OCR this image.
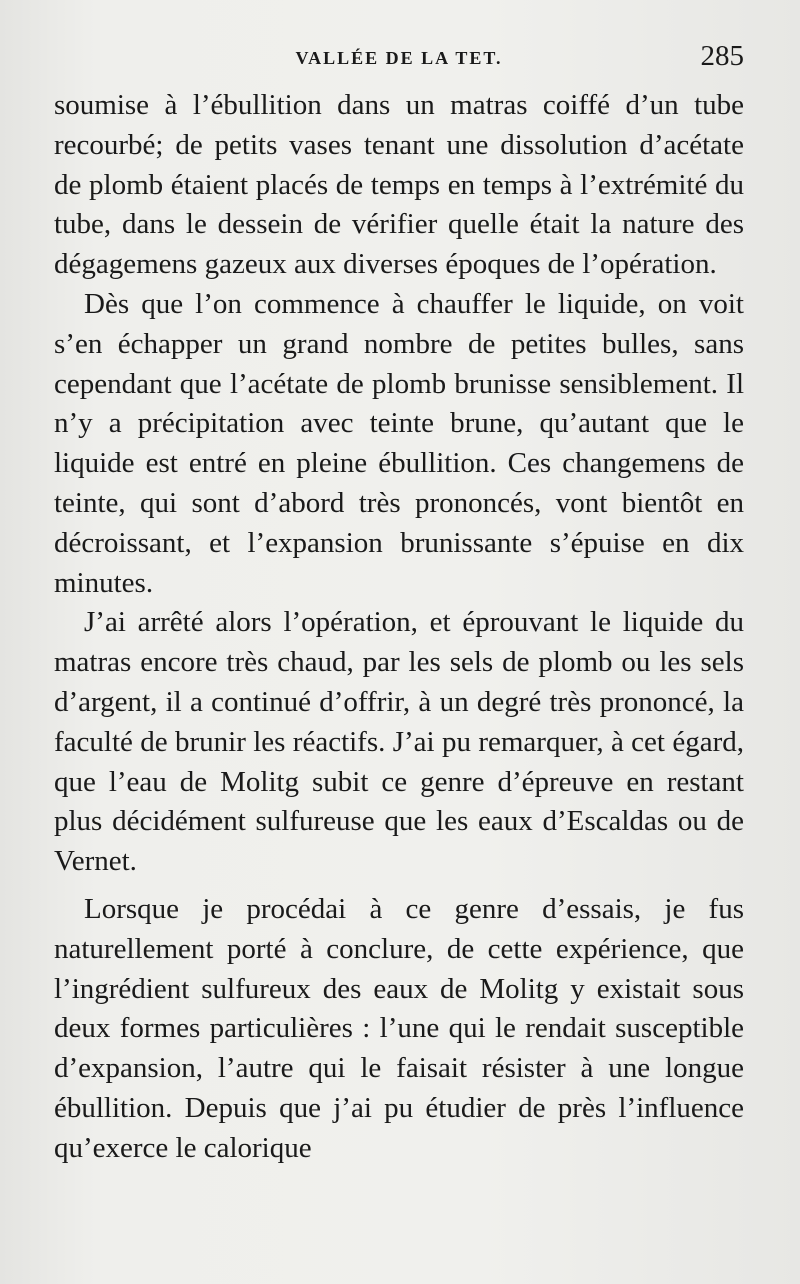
VALLÉE DE LA TET.	285

soumise à l’ébullition dans un matras coiffé d’un tube recourbé; de petits vases tenant une dissolution d’acétate de plomb étaient placés de temps en temps à l’extrémité du tube, dans le dessein de vérifier quelle était la nature des dégagemens gazeux aux diverses époques de l’opération.

Dès que l’on commence à chauffer le liquide, on voit s’en échapper un grand nombre de petites bulles, sans cependant que l’acétate de plomb brunisse sensiblement. Il n’y a précipitation avec teinte brune, qu’autant que le liquide est entré en pleine ébullition. Ces changemens de teinte, qui sont d’abord très prononcés, vont bientôt en décroissant, et l’expansion brunissante s’épuise en dix minutes.

J’ai arrêté alors l’opération, et éprouvant le liquide du matras encore très chaud, par les sels de plomb ou les sels d’argent, il a continué d’offrir, à un degré très prononcé, la faculté de brunir les réactifs. J’ai pu remarquer, à cet égard, que l’eau de Molitg subit ce genre d’épreuve en restant plus décidément sulfureuse que les eaux d’Escaldas ou de Vernet.

Lorsque je procédai à ce genre d’essais, je fus naturellement porté à conclure, de cette expérience, que l’ingrédient sulfureux des eaux de Molitg y existait sous deux formes particulières : l’une qui le rendait susceptible d’expansion, l’autre qui le faisait résister à une longue ébullition. Depuis que j’ai pu étudier de près l’influence qu’exerce le calorique
